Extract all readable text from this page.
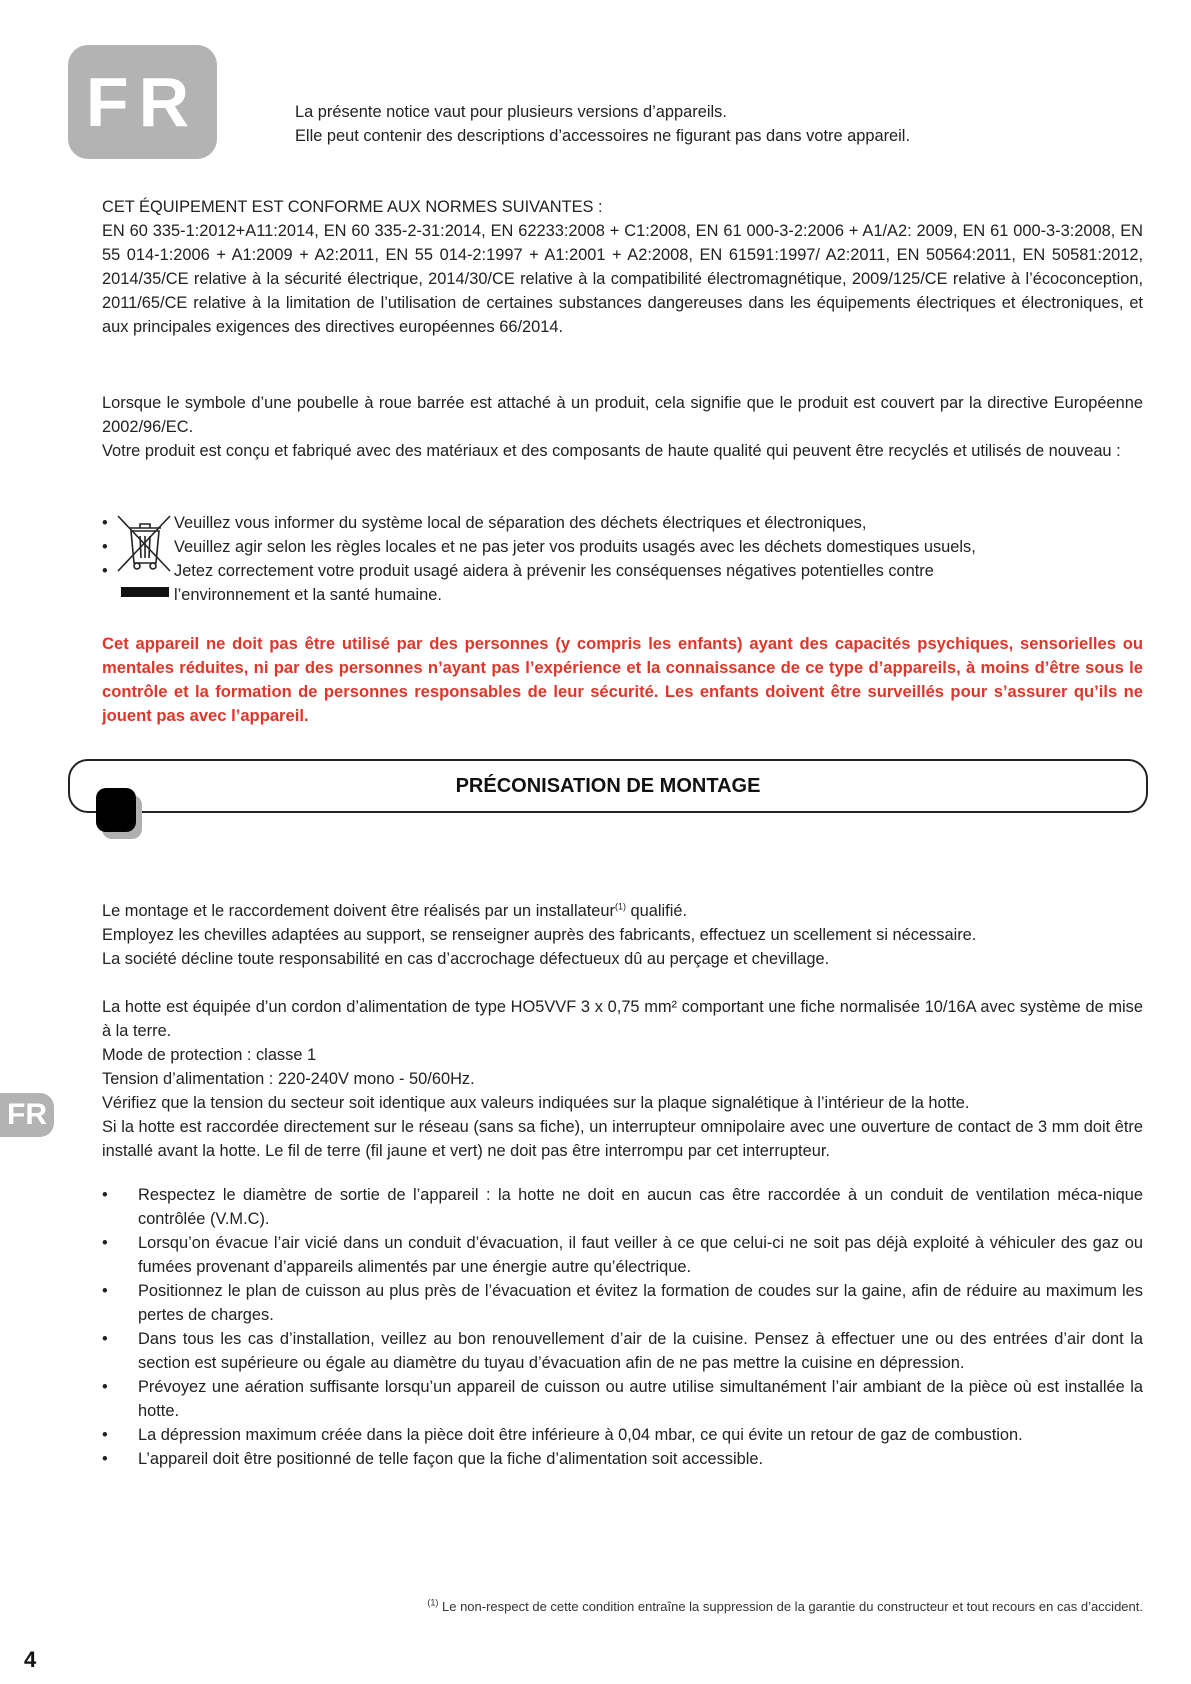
FR	La présente notice vaut pour plusieurs versions d’appareils.
Elle peut contenir des descriptions d’accessoires ne figurant pas dans votre appareil.

CET ÉQUIPEMENT EST CONFORME AUX NORMES SUIVANTES :

EN 60 335-1:2012+A11:2014, EN 60 335-2-31:2014, EN 62233:2008 + C1:2008, EN 61 000-3-2:2006 + A1/A2: 2009, EN 61 000-3-3:2008, EN 55 014-1:2006 + A1:2009 + A2:2011, EN 55 014-2:1997 + A1:2001 + A2:2008, EN 61591:1997/ A2:2011, EN 50564:2011, EN 50581:2012, 2014/35/CE relative à la sécurité électrique, 2014/30/CE relative à la compatibilité électromagnétique, 2009/125/CE relative à l’écoconception, 2011/65/CE relative à la limitation de l’utilisation de certaines substances dangereuses dans les équipements électriques et électroniques, et aux principales exigences des directives européennes 66/2014.

Lorsque le symbole d’une poubelle à roue barrée est attaché à un produit, cela signifie que le produit est couvert par la directive Européenne 2002/96/EC.

Votre produit est conçu et fabriqué avec des matériaux et des composants de haute qualité qui peuvent être recyclés et utilisés de nouveau :

•	Veuillez vous informer du système local de séparation des déchets électriques et électroniques,
•	Veuillez agir selon les règles locales et ne pas jeter vos produits usagés avec les déchets domestiques usuels,
•	Jetez correctement votre produit usagé aidera à prévenir les conséquenses négatives potentielles contre
l’environnement et la santé humaine.
Cet appareil ne doit pas être utilisé par des personnes (y compris les enfants) ayant des capacités psychiques, sensorielles ou mentales réduites, ni par des personnes n’ayant pas l’expérience et la connaissance de ce type d’appareils, à moins d’être sous le contrôle et la formation de personnes responsables de leur sécurité. Les enfants doivent être surveillés pour s’assurer qu’ils ne jouent pas avec l’appareil.
PRÉCONISATION DE MONTAGE
FR

Le montage et le raccordement doivent être réalisés par un installateur$^{(1)}$ qualifié.

Employez les chevilles adaptées au support, se renseigner auprès des fabricants, effectuez un scellement si nécessaire.

La société décline toute responsabilité en cas d’accrochage défectueux dû au perçage et chevillage.

La hotte est équipée d’un cordon d’alimentation de type HO5VVF 3 x 0,75 mm² comportant une fiche normalisée 10/16A avec système de mise à la terre.

Mode de protection : classe 1

Tension d’alimentation : 220-240V mono - 50/60Hz.

Vérifiez que la tension du secteur soit identique aux valeurs indiquées sur la plaque signalétique à l’intérieur de la hotte.

Si la hotte est raccordée directement sur le réseau (sans sa fiche), un interrupteur omnipolaire avec une ouverture de contact de 3 mm doit être installé avant la hotte. Le fil de terre (fil jaune et vert) ne doit pas être interrompu par cet interrupteur.

• Respectez le diamètre de sortie de l’appareil : la hotte ne doit en aucun cas être raccordée à un conduit de ventilation méca-nique contrôlée (V.M.C).
• Lorsqu’on évacue l’air vicié dans un conduit d’évacuation, il faut veiller à ce que celui-ci ne soit pas déjà exploité à véhiculer des gaz ou fumées provenant d’appareils alimentés par une énergie autre qu’électrique.
• Positionnez le plan de cuisson au plus près de l’évacuation et évitez la formation de coudes sur la gaine, afin de réduire au maximum les pertes de charges.
• Dans tous les cas d’installation, veillez au bon renouvellement d’air de la cuisine. Pensez à effectuer une ou des entrées d’air dont la section est supérieure ou égale au diamètre du tuyau d’évacuation afin de ne pas mettre la cuisine en dépression.
• Prévoyez une aération suffisante lorsqu’un appareil de cuisson ou autre utilise simultanément l’air ambiant de la pièce où est installée la hotte.
• La dépression maximum créée dans la pièce doit être inférieure à 0,04 mbar, ce qui évite un retour de gaz de combustion.
• L’appareil doit être positionné de telle façon que la fiche d’alimentation soit accessible.
$^{(1)}$ Le non-respect de cette condition entraîne la suppression de la garantie du constructeur et tout recours en cas d’accident.
4
